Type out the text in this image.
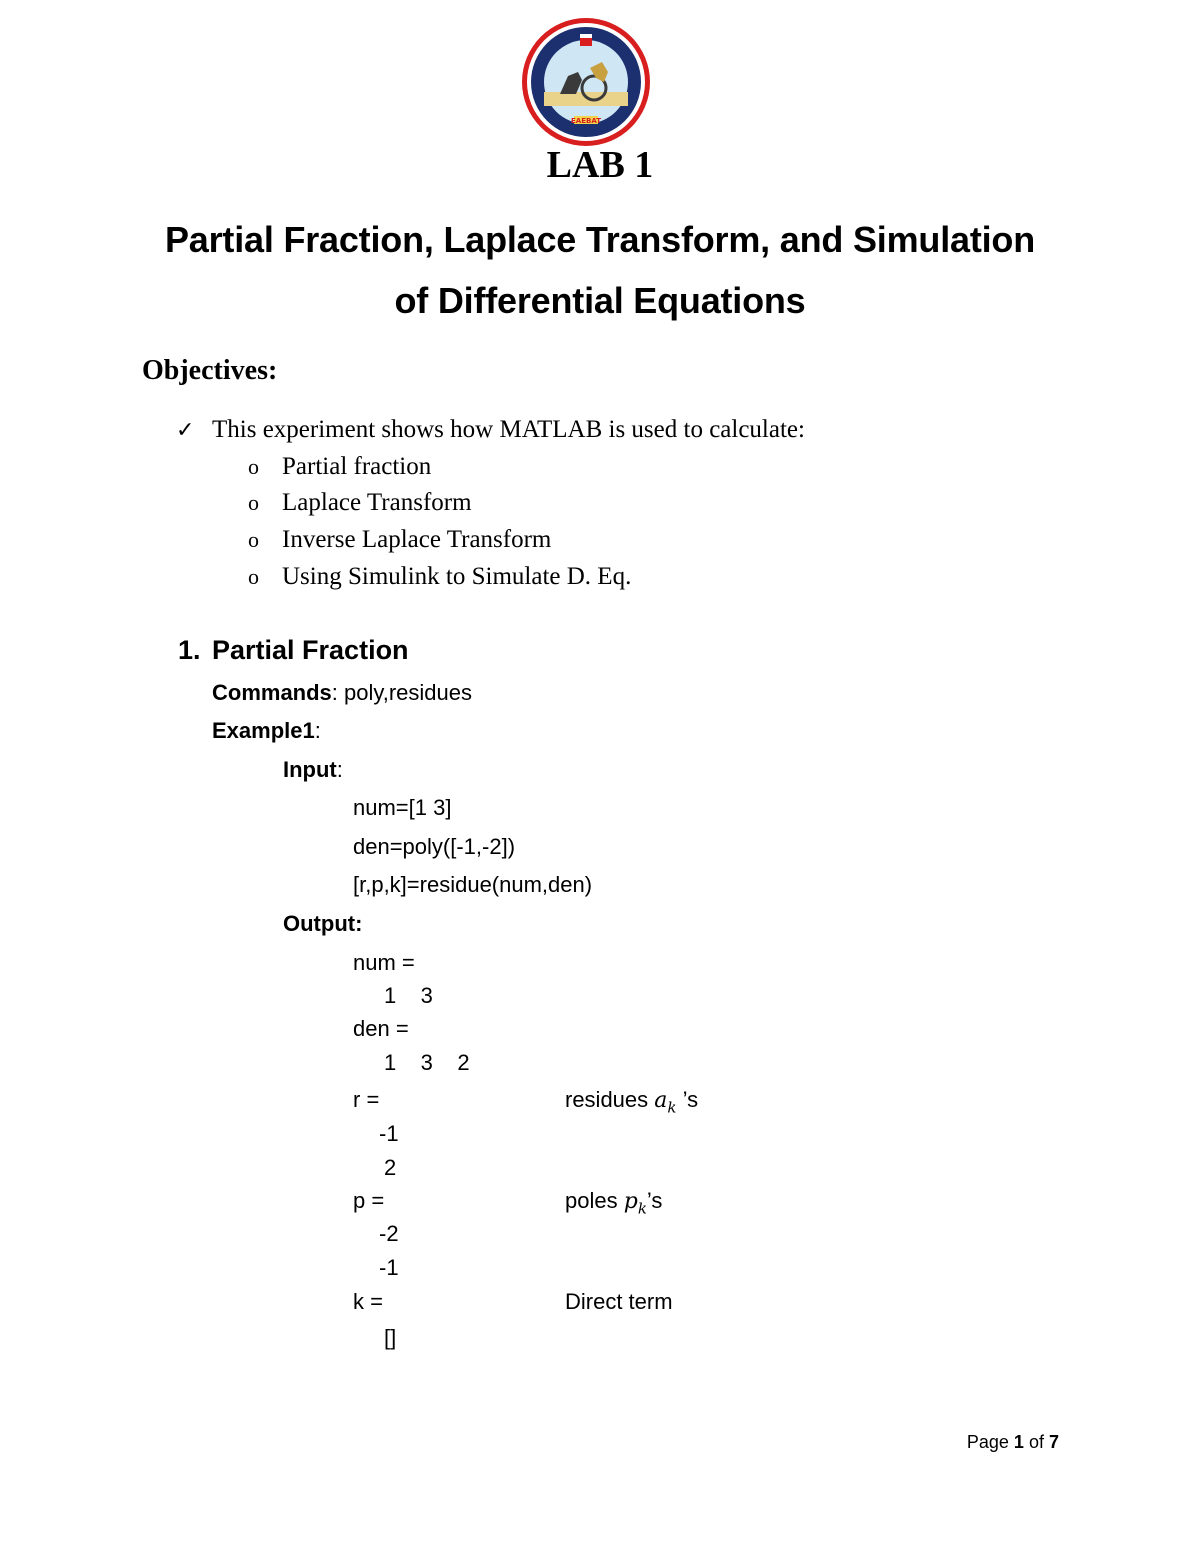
EAEBAT
LAB 1
Partial Fraction, Laplace Transform, and Simulation
of Differential Equations
Objectives:
✓ This experiment shows how MATLAB is used to calculate:
o Partial fraction
o Laplace Transform
o Inverse Laplace Transform
o Using Simulink to Simulate D. Eq.
1. Partial Fraction
Commands: poly,residues
Example1:
Input:
num=[1 3]
den=poly([-1,-2])
[r,p,k]=residue(num,den)
Output:
num =
1    3
den =
1    3    2
r =	residues $a_k$ ’s
-1
2
p =	poles $p_k’s$
-2
-1
k =	Direct term
[]
Page 1 of 7
